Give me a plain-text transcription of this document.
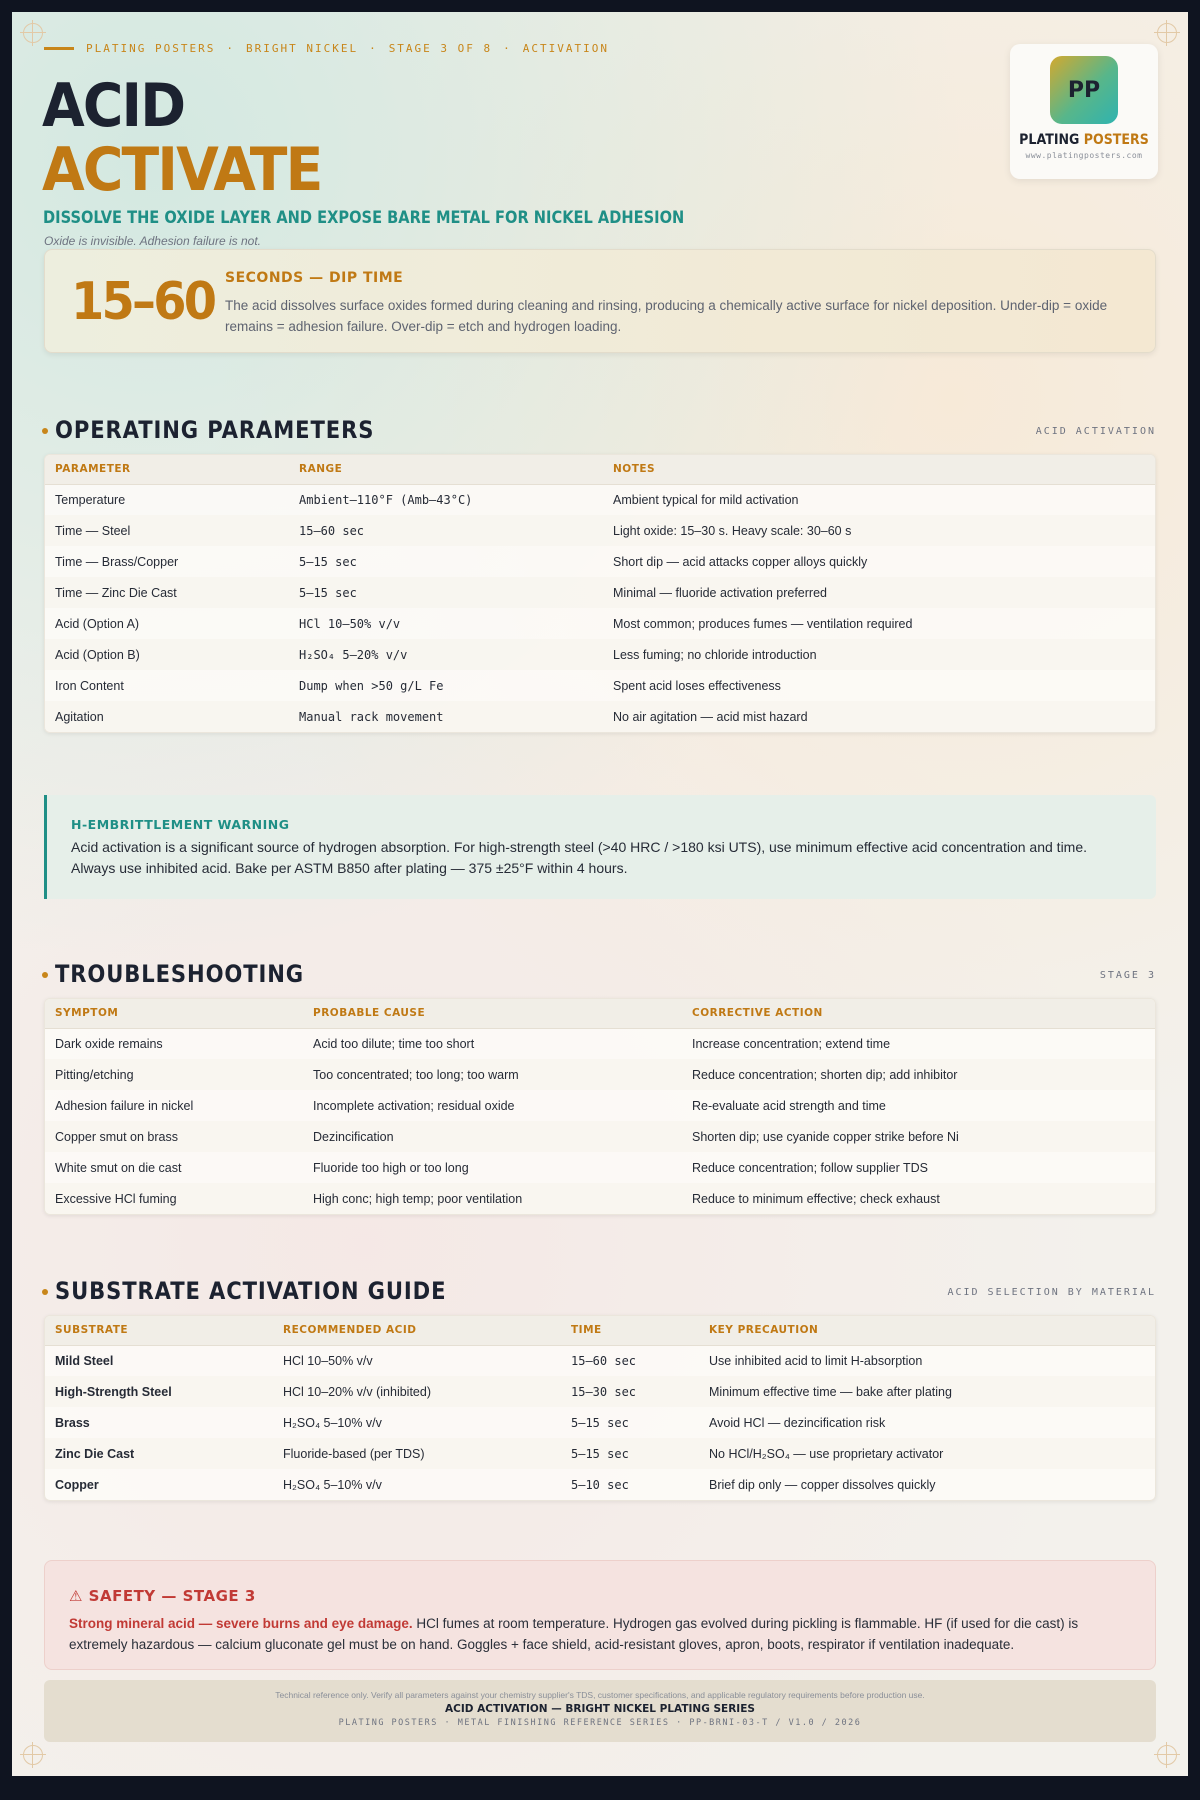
PLATING POSTERS · BRIGHT NICKEL · STAGE 3 OF 8 · ACTIVATION
ACID
ACTIVATE
DISSOLVE THE OXIDE LAYER AND EXPOSE BARE METAL FOR NICKEL ADHESION
Oxide is invisible. Adhesion failure is not.
PP
PLATING POSTERS
www.platingposters.com
15–60 SECONDS — DIP TIME
The acid dissolves surface oxides formed during cleaning and rinsing, producing a chemically active surface for nickel deposition. Under-dip = oxide remains = adhesion failure. Over-dip = etch and hydrogen loading.
OPERATING PARAMETERS	ACID ACTIVATION
PARAMETER	RANGE	NOTES
Temperature	Ambient–110°F (Amb–43°C)	Ambient typical for mild activation
Time — Steel	15–60 sec	Light oxide: 15–30 s. Heavy scale: 30–60 s
Time — Brass/Copper	5–15 sec	Short dip — acid attacks copper alloys quickly
Time — Zinc Die Cast	5–15 sec	Minimal — fluoride activation preferred
Acid (Option A)	HCl 10–50% v/v	Most common; produces fumes — ventilation required
Acid (Option B)	H₂SO₄ 5–20% v/v	Less fuming; no chloride introduction
Iron Content	Dump when >50 g/L Fe	Spent acid loses effectiveness
Agitation	Manual rack movement	No air agitation — acid mist hazard
H-EMBRITTLEMENT WARNING
Acid activation is a significant source of hydrogen absorption. For high-strength steel (>40 HRC / >180 ksi UTS), use minimum effective acid concentration and time. Always use inhibited acid. Bake per ASTM B850 after plating — 375 ±25°F within 4 hours.
TROUBLESHOOTING	STAGE 3
SYMPTOM	PROBABLE CAUSE	CORRECTIVE ACTION
Dark oxide remains	Acid too dilute; time too short	Increase concentration; extend time
Pitting/etching	Too concentrated; too long; too warm	Reduce concentration; shorten dip; add inhibitor
Adhesion failure in nickel	Incomplete activation; residual oxide	Re-evaluate acid strength and time
Copper smut on brass	Dezincification	Shorten dip; use cyanide copper strike before Ni
White smut on die cast	Fluoride too high or too long	Reduce concentration; follow supplier TDS
Excessive HCl fuming	High conc; high temp; poor ventilation	Reduce to minimum effective; check exhaust
SUBSTRATE ACTIVATION GUIDE	ACID SELECTION BY MATERIAL
SUBSTRATE	RECOMMENDED ACID	TIME	KEY PRECAUTION
Mild Steel	HCl 10–50% v/v	15–60 sec	Use inhibited acid to limit H-absorption
High-Strength Steel	HCl 10–20% v/v (inhibited)	15–30 sec	Minimum effective time — bake after plating
Brass	H₂SO₄ 5–10% v/v	5–15 sec	Avoid HCl — dezincification risk
Zinc Die Cast	Fluoride-based (per TDS)	5–15 sec	No HCl/H₂SO₄ — use proprietary activator
Copper	H₂SO₄ 5–10% v/v	5–10 sec	Brief dip only — copper dissolves quickly
⚠ SAFETY — STAGE 3
Strong mineral acid — severe burns and eye damage. HCl fumes at room temperature. Hydrogen gas evolved during pickling is flammable. HF (if used for die cast) is extremely hazardous — calcium gluconate gel must be on hand. Goggles + face shield, acid-resistant gloves, apron, boots, respirator if ventilation inadequate.
Technical reference only. Verify all parameters against your chemistry supplier's TDS, customer specifications, and applicable regulatory requirements before production use.
ACID ACTIVATION — BRIGHT NICKEL PLATING SERIES
PLATING POSTERS · METAL FINISHING REFERENCE SERIES · PP-BRNI-03-T / V1.0 / 2026
